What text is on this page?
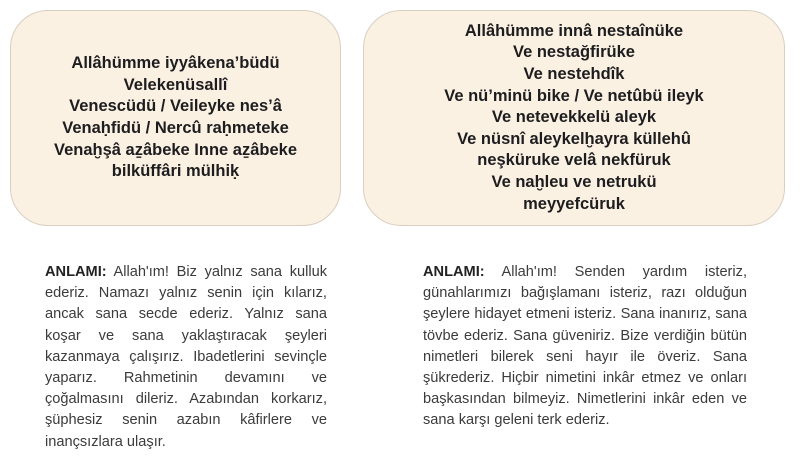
Allâhümme iyyâkena’büdü
Velekenüsallî
Venescüdü / Veileyke nes’â
Venaḥfidü / Nercû raḥmeteke
Venaḫşâ aẕâbeke Inne aẕâbeke
bilküffâri mülhiḳ

ANLAMI: Allah'ım! Biz yalnız sana kulluk ederiz. Namazı yalnız senin için kılarız, ancak sana secde ederiz. Yalnız sana koşar ve sana yaklaştıracak şeyleri kazanmaya çalışırız. Ibadetlerini sevinçle yaparız. Rahmetinin devamını ve çoğalmasını dileriz. Azabından korkarız, şüphesiz senin azabın kâfirlere ve inançsızlara ulaşır.

Allâhümme innâ nestaînüke
Ve nestağfirüke
Ve nestehdîk
Ve nü’minü bike / Ve netûbü ileyk
Ve netevekkelü aleyk
Ve nüsnî aleykelḫayra küllehû
neşküruke velâ nekfüruk
Ve naḫleu ve netrukü
meyyefcüruk

ANLAMI: Allah'ım! Senden yardım isteriz, günahlarımızı bağışlamanı isteriz, razı olduğun şeylere hidayet etmeni isteriz. Sana inanırız, sana tövbe ederiz. Sana güveniriz. Bize verdiğin bütün nimetleri bilerek seni hayır ile överiz. Sana şükrederiz. Hiçbir nimetini inkâr etmez ve onları başkasından bilmeyiz. Nimetlerini inkâr eden ve sana karşı geleni terk ederiz.
